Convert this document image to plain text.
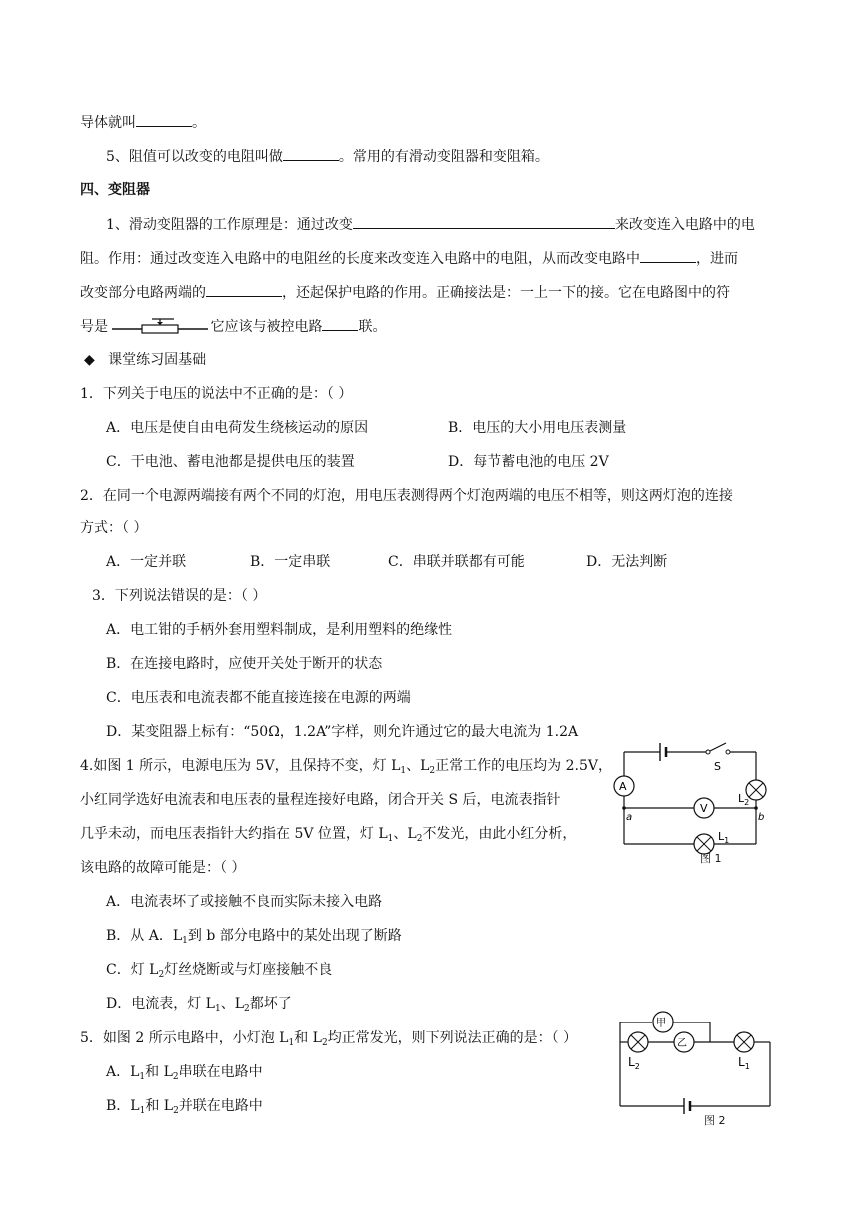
导体就叫	。
5、阻值可以改变的电阻叫做	。常用的有滑动变阻器和变阻箱。
四、变阻器
1、滑动变阻器的工作原理是：通过改变	来改变连入电路中的电
阻。作用：通过改变连入电路中的电阻丝的长度来改变连入电路中的电阻，从而改变电路中	，进而
改变部分电路两端的	，还起保护电路的作用。正确接法是：一上一下的接。它在电路图中的符
号是	它应该与被控电路	联。
◆ 课堂练习固基础
1．下列关于电压的说法中不正确的是：（ ）
A．电压是使自由电荷发生绕核运动的原因	B．电压的大小用电压表测量
C．干电池、蓄电池都是提供电压的装置	D．每节蓄电池的电压 2V
2．在同一个电源两端接有两个不同的灯泡，用电压表测得两个灯泡两端的电压不相等，则这两灯泡的连接
方式：（ ）
A．一定并联	B．一定串联	C．串联并联都有可能	D．无法判断
3．下列说法错误的是：（ ）
A．电工钳的手柄外套用塑料制成，是利用塑料的绝缘性
B．在连接电路时，应使开关处于断开的状态
C．电压表和电流表都不能直接连接在电源的两端
D．某变阻器上标有：“50Ω，1.2A”字样，则允许通过它的最大电流为 1.2A
4.如图 1 所示，电源电压为 5V，且保持不变，灯 $L_1$、$L_2$正常工作的电压均为 2.5V，
小红同学选好电流表和电压表的量程连接好电路，闭合开关 S 后，电流表指针
几乎未动，而电压表指针大约指在 5V 位置，灯 $L_1$、$L_2$不发光，由此小红分析，
该电路的故障可能是：（ ）
A．电流表坏了或接触不良而实际未接入电路
B．从 A．$L_1$到 b 部分电路中的某处出现了断路
C．灯 $L_2$灯丝烧断或与灯座接触不良
D．电流表，灯 $L_1$、$L_2$都坏了
5．如图 2 所示电路中，小灯泡 $L_1$和 $L_2$均正常发光，则下列说法正确的是：（ ）
A．$L_1$和 $L_2$串联在电路中
B．$L_1$和 $L_2$并联在电路中
A
V
S
$L_2$
$L_1$
a	b
图 1
乙
$L_2$	$L_1$
甲
图 2
